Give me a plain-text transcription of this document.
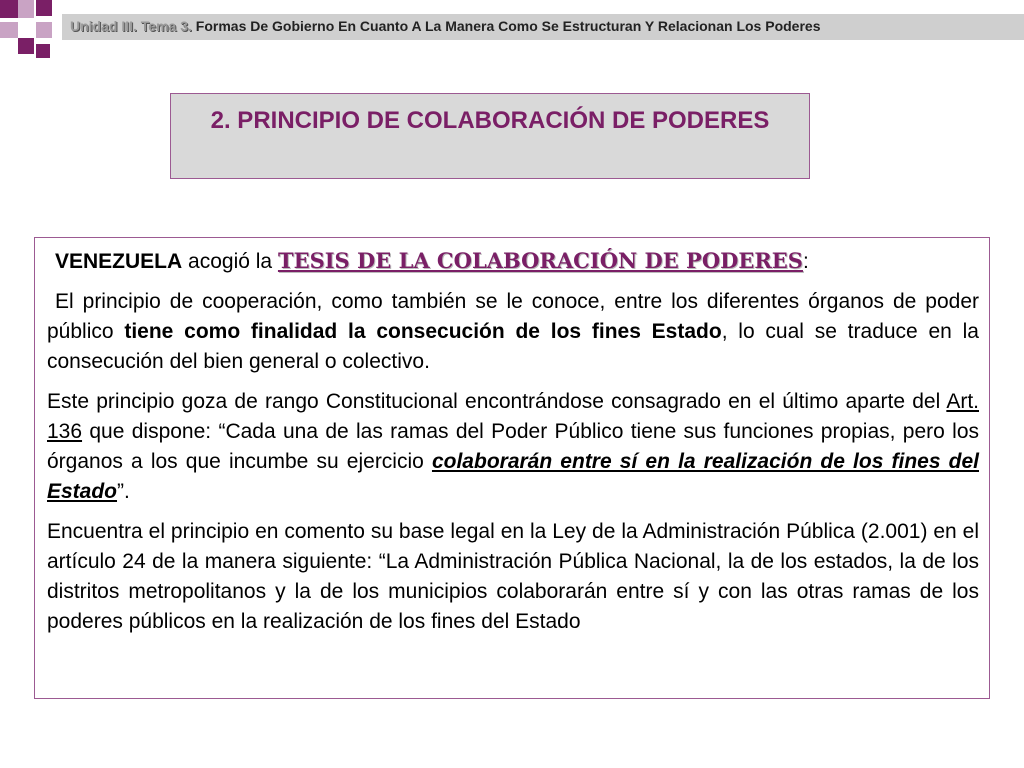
Unidad III. Tema 3. Formas De Gobierno En Cuanto A La Manera Como Se Estructuran Y Relacionan Los Poderes
2. PRINCIPIO DE COLABORACIÓN DE PODERES

VENEZUELA acogió la TESIS DE LA COLABORACIÓN DE PODERES:

El principio de cooperación, como también se le conoce, entre los diferentes órganos de poder público tiene como finalidad la consecución de los fines Estado, lo cual se traduce en la consecución del bien general o colectivo.

Este principio goza de rango Constitucional encontrándose consagrado en el último aparte del Art. 136 que dispone: “Cada una de las ramas del Poder Público tiene sus funciones propias, pero los órganos a los que incumbe su ejercicio colaborarán entre sí en la realización de los fines del Estado”.

Encuentra el principio en comento su base legal en la Ley de la Administración Pública (2.001) en el artículo 24 de la manera siguiente: “La Administración Pública Nacional, la de los estados, la de los distritos metropolitanos y la de los municipios colaborarán entre sí y con las otras ramas de los poderes públicos en la realización de los fines del Estado
